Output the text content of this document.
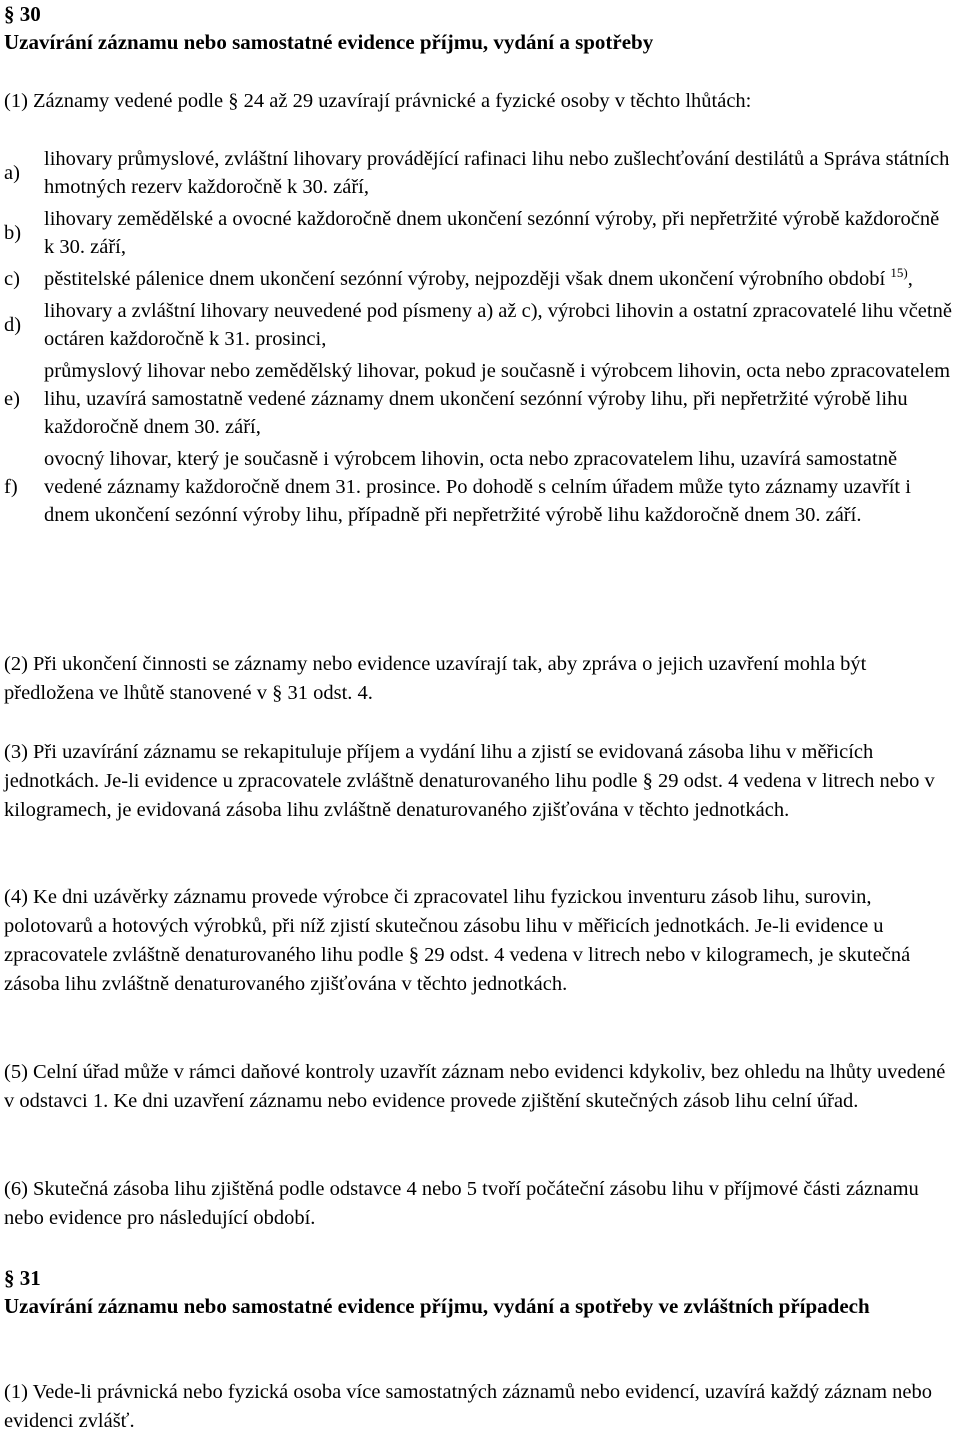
§ 30
Uzavírání záznamu nebo samostatné evidence příjmu, vydání a spotřeby
(1) Záznamy vedené podle § 24 až 29 uzavírají právnické a fyzické osoby v těchto lhůtách:
a)
lihovary průmyslové, zvláštní lihovary provádějící rafinaci lihu nebo zušlechťování destilátů a Správa státních hmotných rezerv každoročně k 30. září,
b)
lihovary zemědělské a ovocné každoročně dnem ukončení sezónní výroby, při nepřetržité výrobě každoročně k 30. září,
c)	pěstitelské pálenice dnem ukončení sezónní výroby, nejpozději však dnem ukončení výrobního období $^{15)}$,
d)
lihovary a zvláštní lihovary neuvedené pod písmeny a) až c), výrobci lihovin a ostatní zpracovatelé lihu včetně octáren každoročně k 31. prosinci,
e)
průmyslový lihovar nebo zemědělský lihovar, pokud je současně i výrobcem lihovin, octa nebo zpracovatelem lihu, uzavírá samostatně vedené záznamy dnem ukončení sezónní výroby lihu, při nepřetržité výrobě lihu každoročně dnem 30. září,
f)
ovocný lihovar, který je současně i výrobcem lihovin, octa nebo zpracovatelem lihu, uzavírá samostatně vedené záznamy každoročně dnem 31. prosince. Po dohodě s celním úřadem může tyto záznamy uzavřít i dnem ukončení sezónní výroby lihu, případně při nepřetržité výrobě lihu každoročně dnem 30. září.
(2) Při ukončení činnosti se záznamy nebo evidence uzavírají tak, aby zpráva o jejich uzavření mohla být předložena ve lhůtě stanovené v § 31 odst. 4.
(3) Při uzavírání záznamu se rekapituluje příjem a vydání lihu a zjistí se evidovaná zásoba lihu v měřicích jednotkách. Je-li evidence u zpracovatele zvláštně denaturovaného lihu podle § 29 odst. 4 vedena v litrech nebo v kilogramech, je evidovaná zásoba lihu zvláštně denaturovaného zjišťována v těchto jednotkách.
(4) Ke dni uzávěrky záznamu provede výrobce či zpracovatel lihu fyzickou inventuru zásob lihu, surovin, polotovarů a hotových výrobků, při níž zjistí skutečnou zásobu lihu v měřicích jednotkách. Je-li evidence u zpracovatele zvláštně denaturovaného lihu podle § 29 odst. 4 vedena v litrech nebo v kilogramech, je skutečná zásoba lihu zvláštně denaturovaného zjišťována v těchto jednotkách.
(5) Celní úřad může v rámci daňové kontroly uzavřít záznam nebo evidenci kdykoliv, bez ohledu na lhůty uvedené v odstavci 1. Ke dni uzavření záznamu nebo evidence provede zjištění skutečných zásob lihu celní úřad.
(6) Skutečná zásoba lihu zjištěná podle odstavce 4 nebo 5 tvoří počáteční zásobu lihu v příjmové části záznamu nebo evidence pro následující období.
§ 31
Uzavírání záznamu nebo samostatné evidence příjmu, vydání a spotřeby ve zvláštních případech
(1) Vede-li právnická nebo fyzická osoba více samostatných záznamů nebo evidencí, uzavírá každý záznam nebo evidenci zvlášť.
